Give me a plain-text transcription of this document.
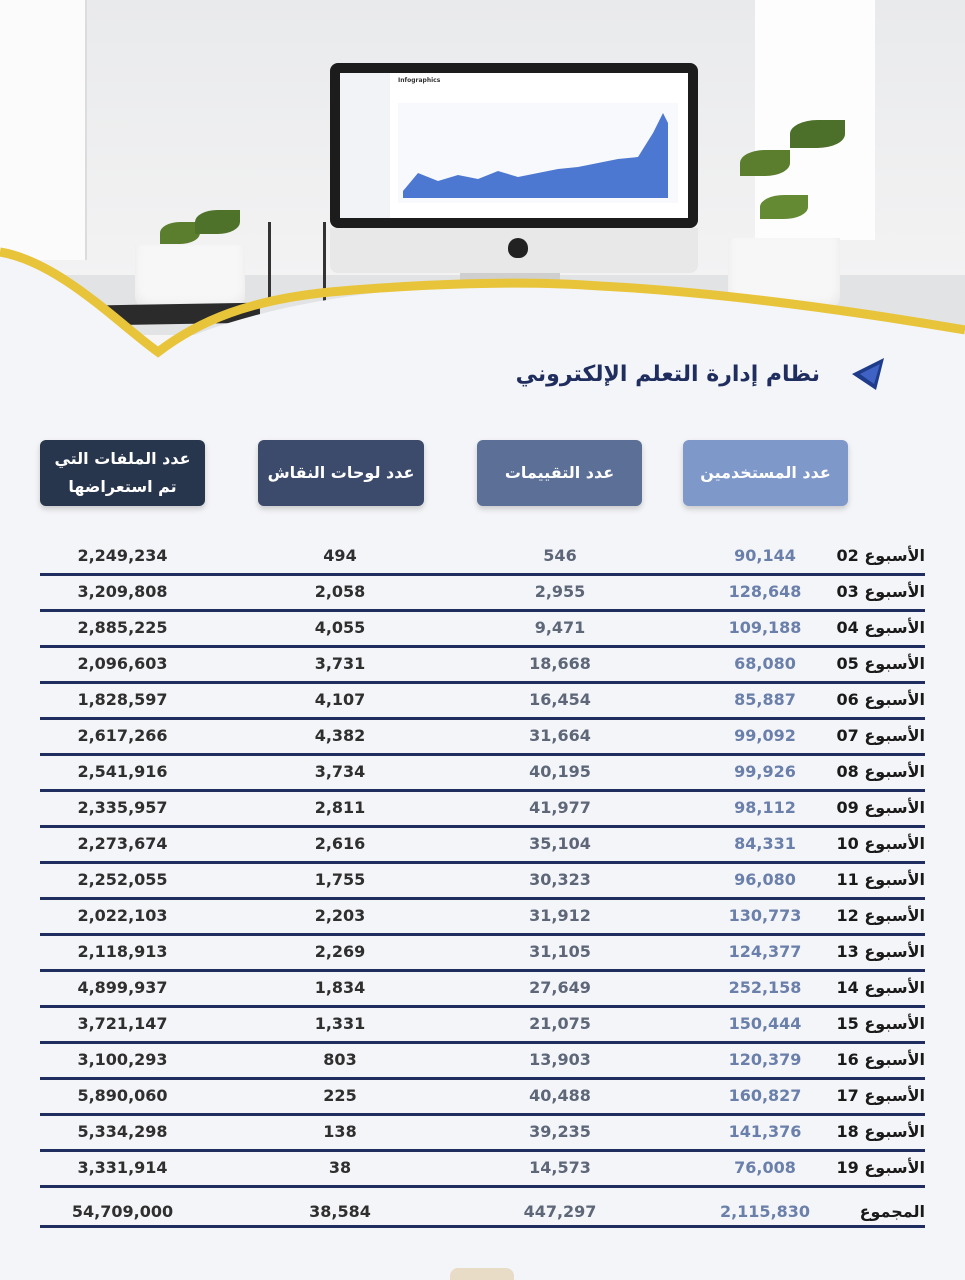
Infographics
نظام إدارة التعلم الإلكتروني
عدد المستخدمين
عدد التقييمات
عدد لوحات النقاش
عدد الملفات التي تم استعراضها
الأسبوع 02
90,144
546
494
2,249,234
الأسبوع 03
128,648
2,955
2,058
3,209,808
الأسبوع 04
109,188
9,471
4,055
2,885,225
الأسبوع 05
68,080
18,668
3,731
2,096,603
الأسبوع 06
85,887
16,454
4,107
1,828,597
الأسبوع 07
99,092
31,664
4,382
2,617,266
الأسبوع 08
99,926
40,195
3,734
2,541,916
الأسبوع 09
98,112
41,977
2,811
2,335,957
الأسبوع 10
84,331
35,104
2,616
2,273,674
الأسبوع 11
96,080
30,323
1,755
2,252,055
الأسبوع 12
130,773
31,912
2,203
2,022,103
الأسبوع 13
124,377
31,105
2,269
2,118,913
الأسبوع 14
252,158
27,649
1,834
4,899,937
الأسبوع 15
150,444
21,075
1,331
3,721,147
الأسبوع 16
120,379
13,903
803
3,100,293
الأسبوع 17
160,827
40,488
225
5,890,060
الأسبوع 18
141,376
39,235
138
5,334,298
الأسبوع 19
76,008
14,573
38
3,331,914
المجموع
2,115,830
447,297
38,584
54,709,000
